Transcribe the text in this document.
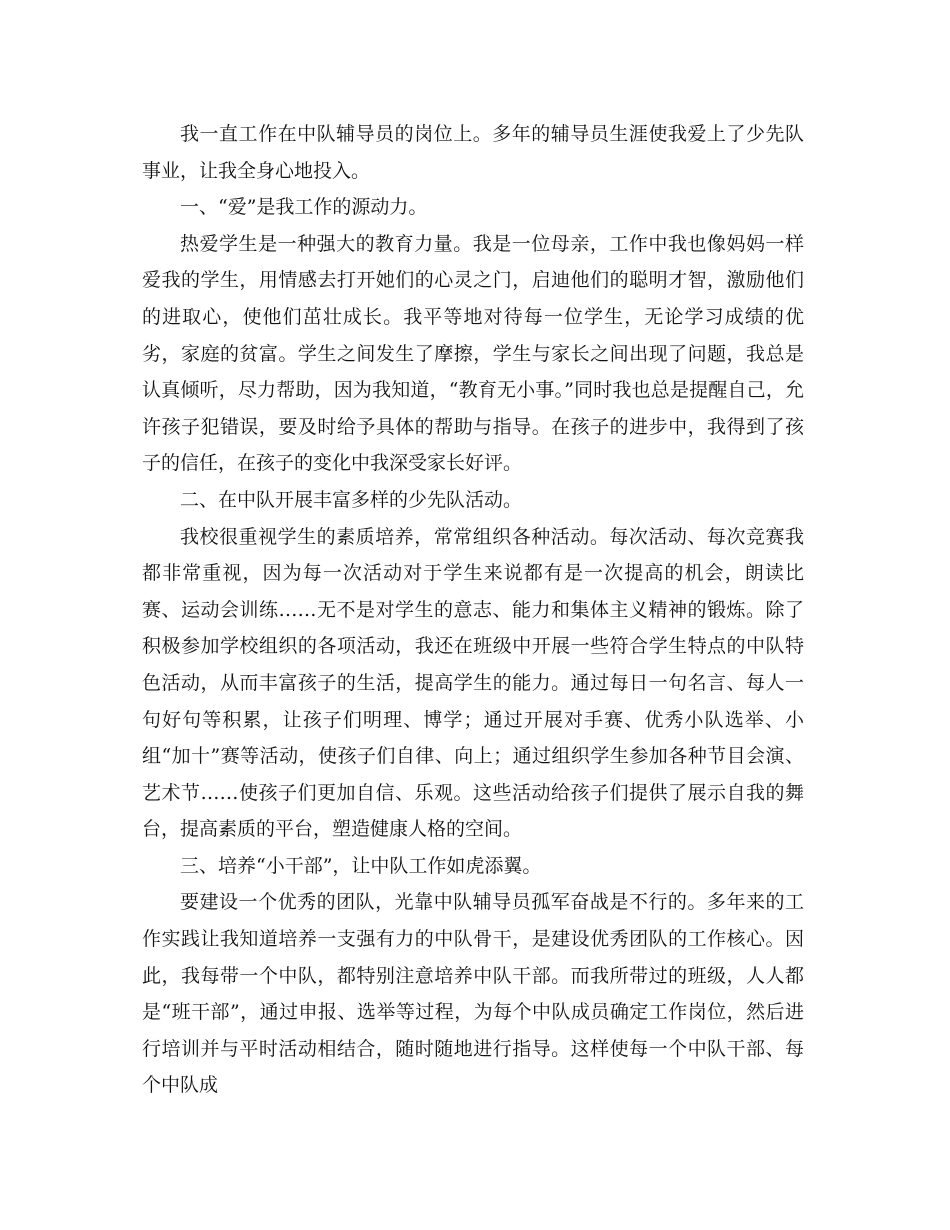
我一直工作在中队辅导员的岗位上。多年的辅导员生涯使我爱上了少先队事业，让我全身心地投入。

一、“爱”是我工作的源动力。

热爱学生是一种强大的教育力量。我是一位母亲，工作中我也像妈妈一样爱我的学生，用情感去打开她们的心灵之门，启迪他们的聪明才智，激励他们的进取心，使他们茁壮成长。我平等地对待每一位学生，无论学习成绩的优劣，家庭的贫富。学生之间发生了摩擦，学生与家长之间出现了问题，我总是认真倾听，尽力帮助，因为我知道，“教育无小事。”同时我也总是提醒自己，允许孩子犯错误，要及时给予具体的帮助与指导。在孩子的进步中，我得到了孩子的信任，在孩子的变化中我深受家长好评。

二、在中队开展丰富多样的少先队活动。

我校很重视学生的素质培养，常常组织各种活动。每次活动、每次竞赛我都非常重视，因为每一次活动对于学生来说都有是一次提高的机会，朗读比赛、运动会训练……无不是对学生的意志、能力和集体主义精神的锻炼。除了积极参加学校组织的各项活动，我还在班级中开展一些符合学生特点的中队特色活动，从而丰富孩子的生活，提高学生的能力。通过每日一句名言、每人一句好句等积累，让孩子们明理、博学；通过开展对手赛、优秀小队选举、小组“加十”赛等活动，使孩子们自律、向上；通过组织学生参加各种节目会演、艺术节……使孩子们更加自信、乐观。这些活动给孩子们提供了展示自我的舞台，提高素质的平台，塑造健康人格的空间。

三、培养“小干部”，让中队工作如虎添翼。

要建设一个优秀的团队，光靠中队辅导员孤军奋战是不行的。多年来的工作实践让我知道培养一支强有力的中队骨干，是建设优秀团队的工作核心。因此，我每带一个中队，都特别注意培养中队干部。而我所带过的班级，人人都是“班干部”，通过申报、选举等过程，为每个中队成员确定工作岗位，然后进行培训并与平时活动相结合，随时随地进行指导。这样使每一个中队干部、每个中队成
